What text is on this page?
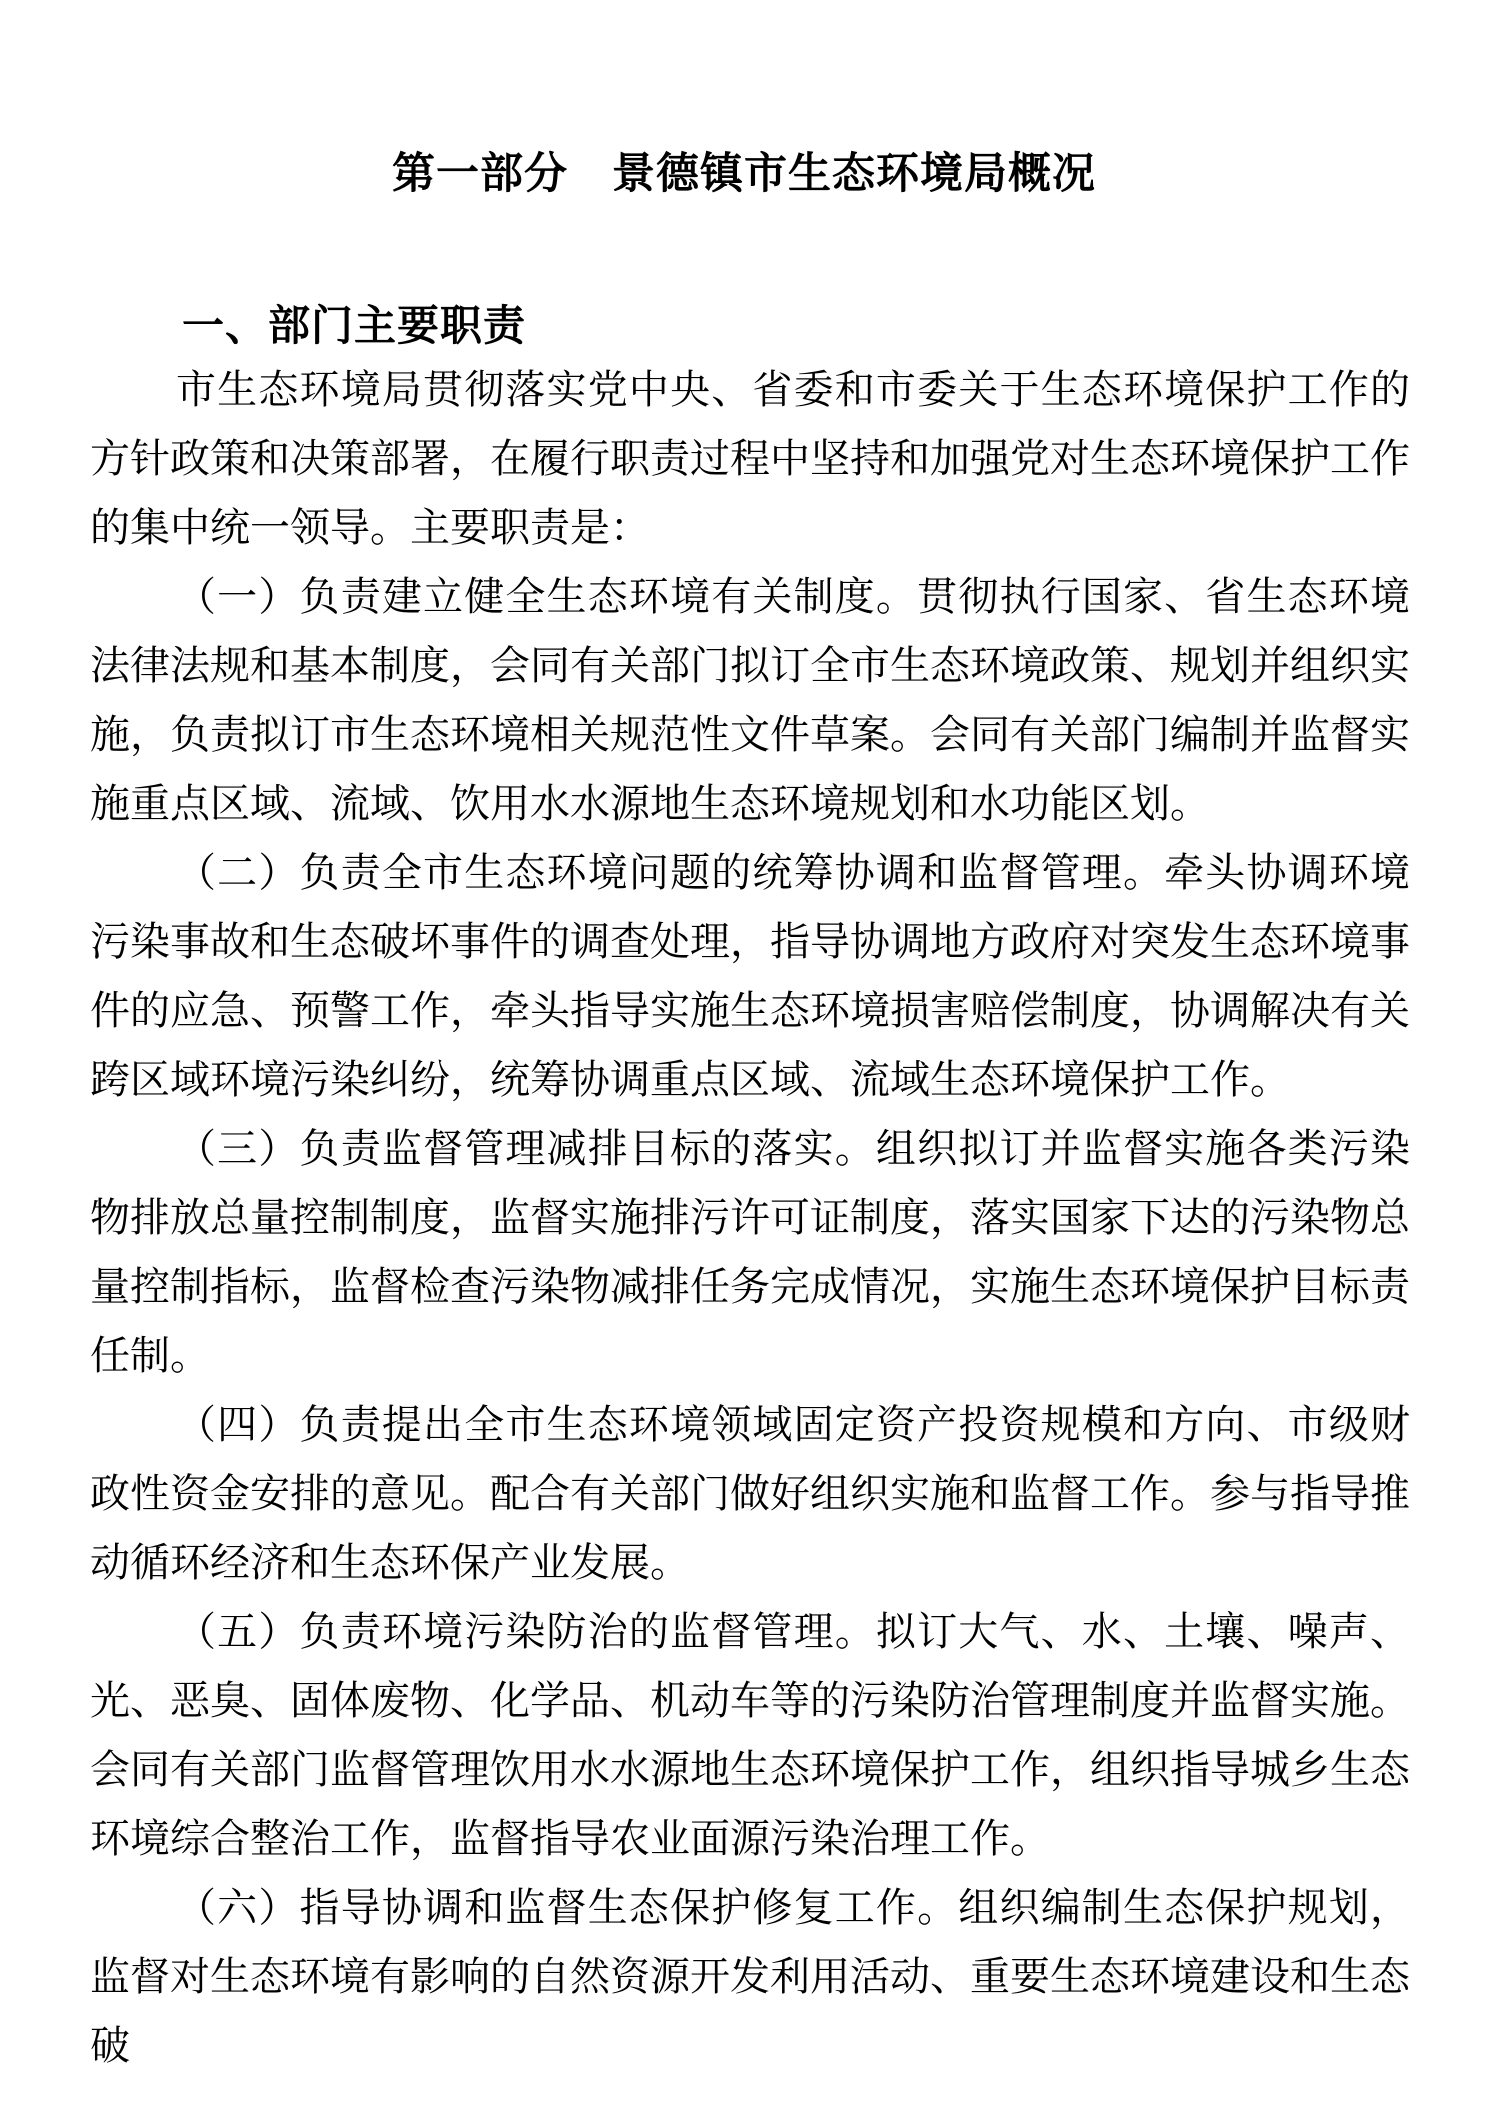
第一部分　景德镇市生态环境局概况
一、部门主要职责

市生态环境局贯彻落实党中央、省委和市委关于生态环境保护工作的方针政策和决策部署，在履行职责过程中坚持和加强党对生态环境保护工作的集中统一领导。主要职责是：

（一）负责建立健全生态环境有关制度。贯彻执行国家、省生态环境法律法规和基本制度，会同有关部门拟订全市生态环境政策、规划并组织实施，负责拟订市生态环境相关规范性文件草案。会同有关部门编制并监督实施重点区域、流域、饮用水水源地生态环境规划和水功能区划。

（二）负责全市生态环境问题的统筹协调和监督管理。牵头协调环境污染事故和生态破坏事件的调查处理，指导协调地方政府对突发生态环境事件的应急、预警工作，牵头指导实施生态环境损害赔偿制度，协调解决有关跨区域环境污染纠纷，统筹协调重点区域、流域生态环境保护工作。

（三）负责监督管理减排目标的落实。组织拟订并监督实施各类污染物排放总量控制制度，监督实施排污许可证制度，落实国家下达的污染物总量控制指标，监督检查污染物减排任务完成情况，实施生态环境保护目标责任制。

（四）负责提出全市生态环境领域固定资产投资规模和方向、市级财政性资金安排的意见。配合有关部门做好组织实施和监督工作。参与指导推动循环经济和生态环保产业发展。

（五）负责环境污染防治的监督管理。拟订大气、水、土壤、噪声、光、恶臭、固体废物、化学品、机动车等的污染防治管理制度并监督实施。会同有关部门监督管理饮用水水源地生态环境保护工作，组织指导城乡生态环境综合整治工作，监督指导农业面源污染治理工作。

（六）指导协调和监督生态保护修复工作。组织编制生态保护规划，监督对生态环境有影响的自然资源开发利用活动、重要生态环境建设和生态破
